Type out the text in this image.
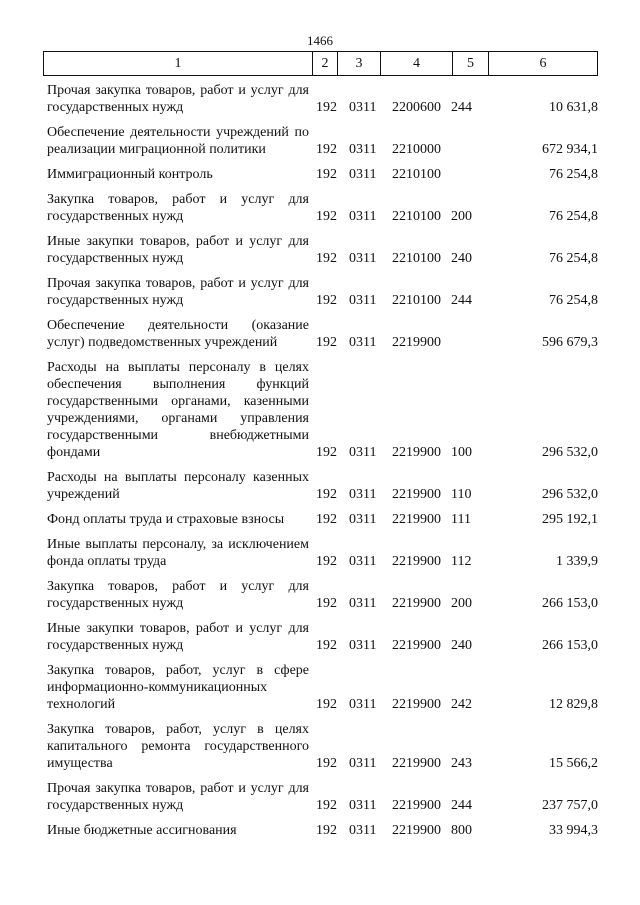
1466
1	2	3	4	5	6
Прочая закупка товаров, работ и услуг для государственных нужд	192 0311 2200600 244	10 631,8
Обеспечение деятельности учреждений по реализации миграционной политики	192 0311 2210000	672 934,1
Иммиграционный контроль	192 0311 2210100	76 254,8
Закупка товаров, работ и услуг для государственных нужд	192 0311 2210100 200	76 254,8
Иные закупки товаров, работ и услуг для государственных нужд	192 0311 2210100 240	76 254,8
Прочая закупка товаров, работ и услуг для государственных нужд	192 0311 2210100 244	76 254,8
Обеспечение деятельности (оказание услуг) подведомственных учреждений	192 0311 2219900	596 679,3
Расходы на выплаты персоналу в целях обеспечения выполнения функций государственными органами, казенными учреждениями, органами управления государственными внебюджетными фондами	192 0311 2219900 100	296 532,0
Расходы на выплаты персоналу казенных учреждений	192 0311 2219900 110	296 532,0
Фонд оплаты труда и страховые взносы	192 0311 2219900 111	295 192,1
Иные выплаты персоналу, за исключением фонда оплаты труда	192 0311 2219900 112	1 339,9
Закупка товаров, работ и услуг для государственных нужд	192 0311 2219900 200	266 153,0
Иные закупки товаров, работ и услуг для государственных нужд	192 0311 2219900 240	266 153,0
Закупка товаров, работ, услуг в сфере информационно-коммуникационных технологий	192 0311 2219900 242	12 829,8
Закупка товаров, работ, услуг в целях капитального ремонта государственного имущества	192 0311 2219900 243	15 566,2
Прочая закупка товаров, работ и услуг для государственных нужд	192 0311 2219900 244	237 757,0
Иные бюджетные ассигнования	192 0311 2219900 800	33 994,3
